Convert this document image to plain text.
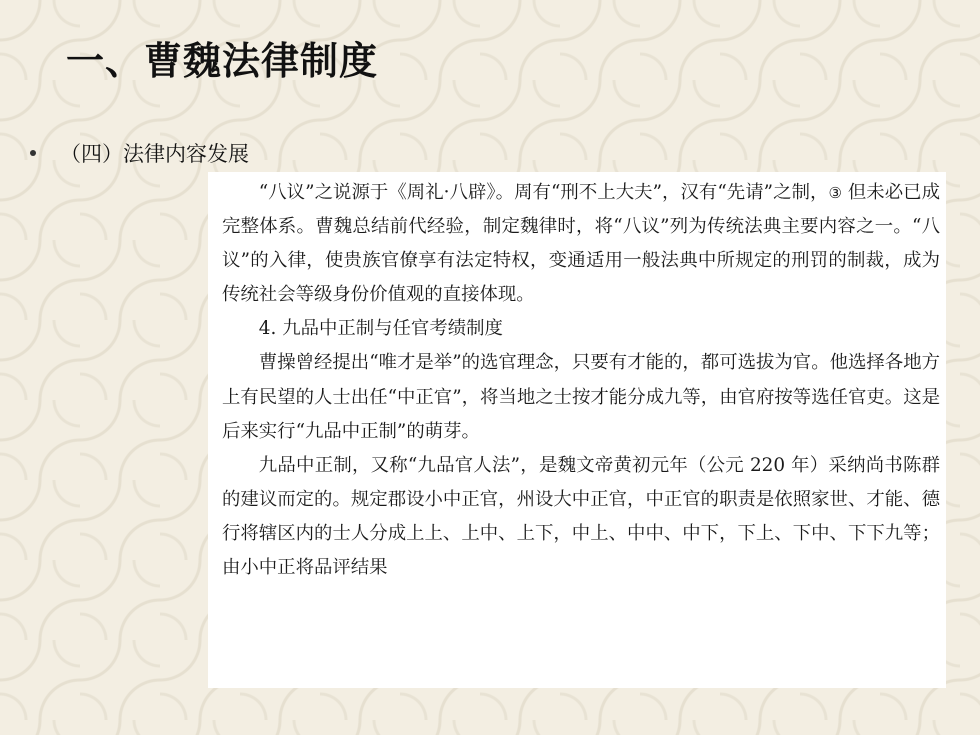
一、曹魏法律制度
（四）法律内容发展

“八议”之说源于《周礼·八辟》。周有“刑不上大夫”，汉有“先请”之制，③ 但未必已成完整体系。曹魏总结前代经验，制定魏律时，将“八议”列为传统法典主要内容之一。“八议”的入律，使贵族官僚享有法定特权，变通适用一般法典中所规定的刑罚的制裁，成为传统社会等级身份价值观的直接体现。

4. 九品中正制与任官考绩制度

曹操曾经提出“唯才是举”的选官理念，只要有才能的，都可选拔为官。他选择各地方上有民望的人士出任“中正官”，将当地之士按才能分成九等，由官府按等选任官吏。这是后来实行“九品中正制”的萌芽。

九品中正制，又称“九品官人法”，是魏文帝黄初元年（公元 220 年）采纳尚书陈群的建议而定的。规定郡设小中正官，州设大中正官，中正官的职责是依照家世、才能、德行将辖区内的士人分成上上、上中、上下，中上、中中、中下，下上、下中、下下九等；由小中正将品评结果
